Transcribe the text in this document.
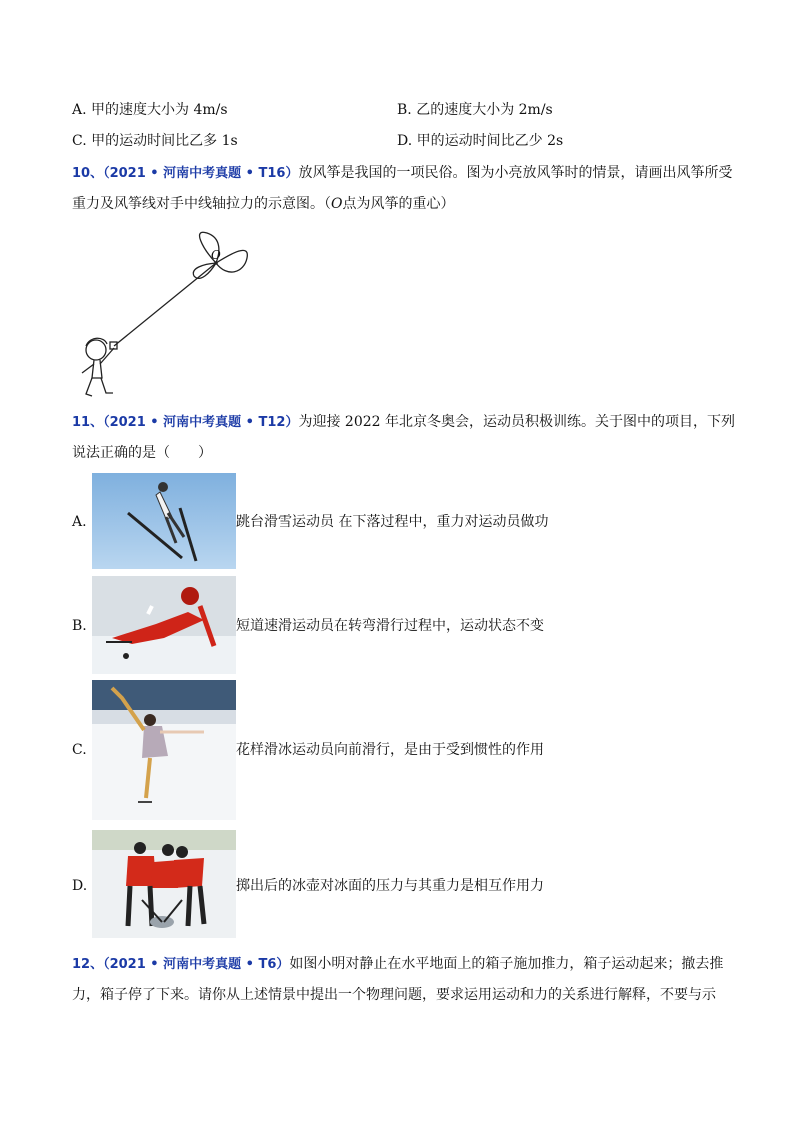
A. 甲的速度大小为 4m/s	B. 乙的速度大小为 2m/s
C. 甲的运动时间比乙多 1s	D. 甲的运动时间比乙少 2s
10、（2021 • 河南中考真题 • T16）放风筝是我国的一项民俗。图为小亮放风筝时的情景，请画出风筝所受
重力及风筝线对手中线轴拉力的示意图。（O点为风筝的重心）
O
11、（2021 • 河南中考真题 • T12）为迎接 2022 年北京冬奥会，运动员积极训练。关于图中的项目，下列
说法正确的是（　　）
A.	跳台滑雪运动员 在下落过程中，重力对运动员做功
B.	短道速滑运动员在转弯滑行过程中，运动状态不变
C.	花样滑冰运动员向前滑行，是由于受到惯性的作用
D.	掷出后的冰壶对冰面的压力与其重力是相互作用力
12、（2021 • 河南中考真题 • T6）如图小明对静止在水平地面上的箱子施加推力，箱子运动起来；撤去推
力，箱子停了下来。请你从上述情景中提出一个物理问题，要求运用运动和力的关系进行解释，不要与示
